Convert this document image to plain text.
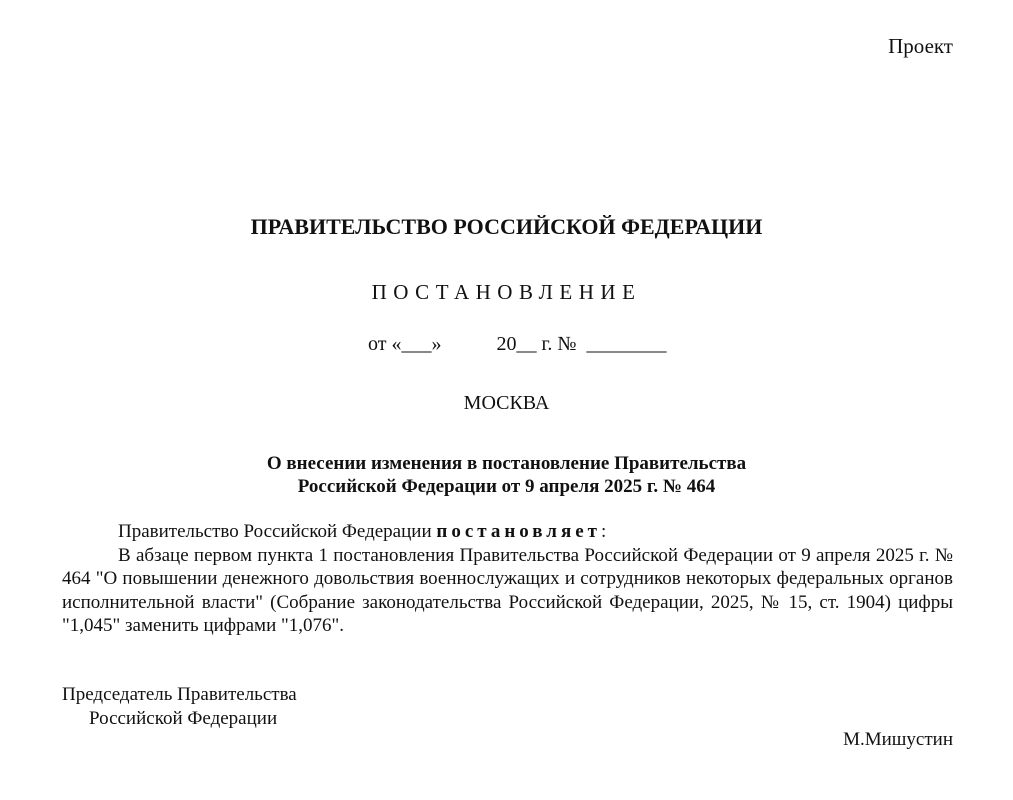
Проект
ПРАВИТЕЛЬСТВО РОССИЙСКОЙ ФЕДЕРАЦИИ
ПОСТАНОВЛЕНИЕ
от «___»           20__ г. №  ________
МОСКВА
О внесении изменения в постановление Правительства
Российской Федерации от 9 апреля 2025 г. № 464
Правительство Российской Федерации постановляет:
В абзаце первом пункта 1 постановления Правительства Российской Федерации от 9 апреля 2025 г. № 464 "О повышении денежного довольствия военнослужащих и сотрудников некоторых федеральных органов исполнительной власти" (Собрание законодательства Российской Федерации, 2025, № 15, ст. 1904) цифры "1,045" заменить цифрами "1,076".
Председатель Правительства
Российской Федерации
М.Мишустин
